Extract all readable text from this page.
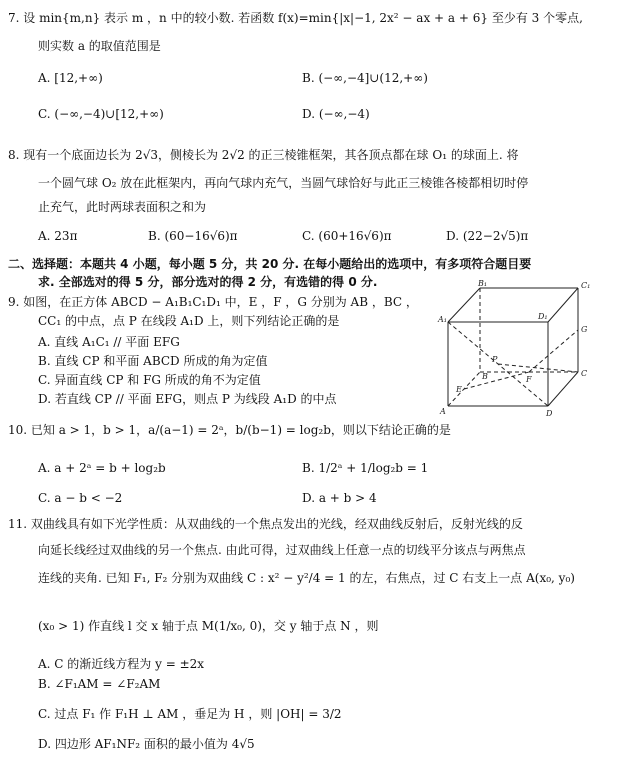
7. 设 min{m,n} 表示 m ，n 中的较小数. 若函数 f(x)=min{|x|−1, 2x² − ax + a + 6} 至少有 3 个零点,
则实数 a 的取值范围是
A. [12,+∞)	B. (−∞,−4]∪(12,+∞)
C. (−∞,−4)∪[12,+∞)	D. (−∞,−4)
8. 现有一个底面边长为 2√3，侧棱长为 2√2 的正三棱锥框架，其各顶点都在球 O₁ 的球面上. 将
一个圆气球 O₂ 放在此框架内，再向气球内充气，当圆气球恰好与此正三棱锥各棱都相切时停
止充气，此时两球表面积之和为
A. 23π	B. (60−16√6)π	C. (60+16√6)π	D. (22−2√5)π
二、选择题：本题共 4 小题，每小题 5 分，共 20 分. 在每小题给出的选项中，有多项符合题目要
求. 全部选对的得 5 分，部分选对的得 2 分，有选错的得 0 分.
9. 如图，在正方体 ABCD − A₁B₁C₁D₁ 中，E ，F ，G 分别为 AB ，BC ，
CC₁ 的中点，点 P 在线段 A₁D 上，则下列结论正确的是
A. 直线 A₁C₁ // 平面 EFG
B. 直线 CP 和平面 ABCD 所成的角为定值
C. 异面直线 CP 和 FG 所成的角不为定值
D. 若直线 CP // 平面 EFG，则点 P 为线段 A₁D 的中点
B₁	C₁
A₁	D₁
B	C
A	D
E
F
G
P
10. 已知 a > 1，b > 1，a/(a−1) = 2ᵃ，b/(b−1) = log₂b，则以下结论正确的是
A. a + 2ᵃ = b + log₂b	B. 1/2ᵃ + 1/log₂b = 1
C. a − b < −2	D. a + b > 4
11. 双曲线具有如下光学性质：从双曲线的一个焦点发出的光线，经双曲线反射后，反射光线的反
向延长线经过双曲线的另一个焦点. 由此可得，过双曲线上任意一点的切线平分该点与两焦点
连线的夹角. 已知 F₁, F₂ 分别为双曲线 C : x² − y²/4 = 1 的左，右焦点，过 C 右支上一点 A(x₀, y₀)
(x₀ > 1) 作直线 l 交 x 轴于点 M(1/x₀, 0)，交 y 轴于点 N ，则
A. C 的渐近线方程为 y = ±2x
B. ∠F₁AM = ∠F₂AM
C. 过点 F₁ 作 F₁H ⊥ AM ，垂足为 H ，则 |OH| = 3/2
D. 四边形 AF₁NF₂ 面积的最小值为 4√5
